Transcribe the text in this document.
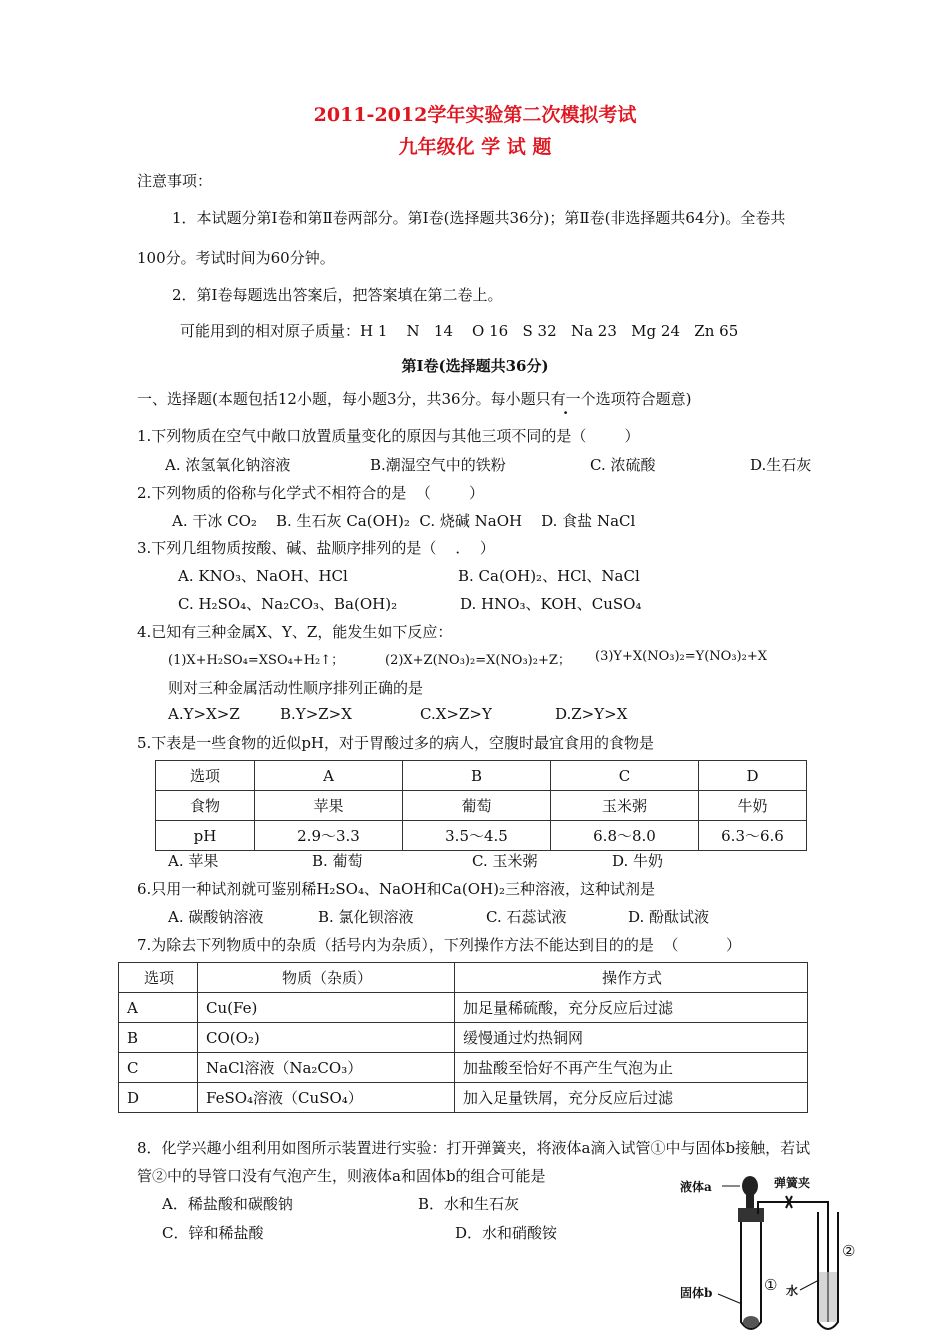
2011-2012学年实验第二次模拟考试
九年级化 学 试 题
注意事项：
1．本试题分第Ⅰ卷和第Ⅱ卷两部分。第Ⅰ卷(选择题共36分)；第Ⅱ卷(非选择题共64分)。全卷共
100分。考试时间为60分钟。
2．第Ⅰ卷每题选出答案后，把答案填在第二卷上。
可能用到的相对原子质量：H 1    N   14    O 16   S 32   Na 23   Mg 24   Zn 65
第Ⅰ卷(选择题共36分)
一、选择题(本题包括12小题，每小题3分，共36分。每小题只有一个选项符合题意)
1.下列物质在空气中敞口放置质量变化的原因与其他三项不同的是（        ）
A. 浓氢氧化钠溶液	B.潮湿空气中的铁粉	C. 浓硫酸	D.生石灰
2.下列物质的俗称与化学式不相符合的是  （        ）
A. 干冰 CO₂    B. 生石灰 Ca(OH)₂  C. 烧碱 NaOH    D. 食盐 NaCl
3.下列几组物质按酸、碱、盐顺序排列的是（    ．  ）
A. KNO₃、NaOH、HCl	B. Ca(OH)₂、HCl、NaCl
C. H₂SO₄、Na₂CO₃、Ba(OH)₂	D. HNO₃、KOH、CuSO₄
4.已知有三种金属X、Y、Z，能发生如下反应：
(1)X+H₂SO₄=XSO₄+H₂↑；	(2)X+Z(NO₃)₂=X(NO₃)₂+Z； (3)Y+X(NO₃)₂=Y(NO₃)₂+X
则对三种金属活动性顺序排列正确的是
A.Y>X>Z	B.Y>Z>X	C.X>Z>Y	D.Z>Y>X
5.下表是一些食物的近似pH，对于胃酸过多的病人，空腹时最宜食用的食物是
选项	A	B	C	D
食物	苹果	葡萄	玉米粥	牛奶
pH	2.9～3.3	3.5～4.5	6.8～8.0	6.3～6.6
A. 苹果	B. 葡萄	C. 玉米粥	D. 牛奶
6.只用一种试剂就可鉴别稀H₂SO₄、NaOH和Ca(OH)₂三种溶液，这种试剂是
A. 碳酸钠溶液	B. 氯化钡溶液	C. 石蕊试液	D. 酚酞试液
7.为除去下列物质中的杂质（括号内为杂质），下列操作方法不能达到目的的是  （          ）
选项	物质（杂质）	操作方式
A	Cu(Fe)	加足量稀硫酸，充分反应后过滤
B	CO(O₂)	缓慢通过灼热铜网
C	NaCl溶液（Na₂CO₃）	加盐酸至恰好不再产生气泡为止
D	FeSO₄溶液（CuSO₄）	加入足量铁屑，充分反应后过滤
8．化学兴趣小组利用如图所示装置进行实验：打开弹簧夹，将液体a滴入试管①中与固体b接触，若试
管②中的导管口没有气泡产生，则液体a和固体b的组合可能是
A．稀盐酸和碳酸钠	B．水和生石灰
C．锌和稀盐酸	D．水和硝酸铵
液体a	弹簧夹
固体b	水
①
②
